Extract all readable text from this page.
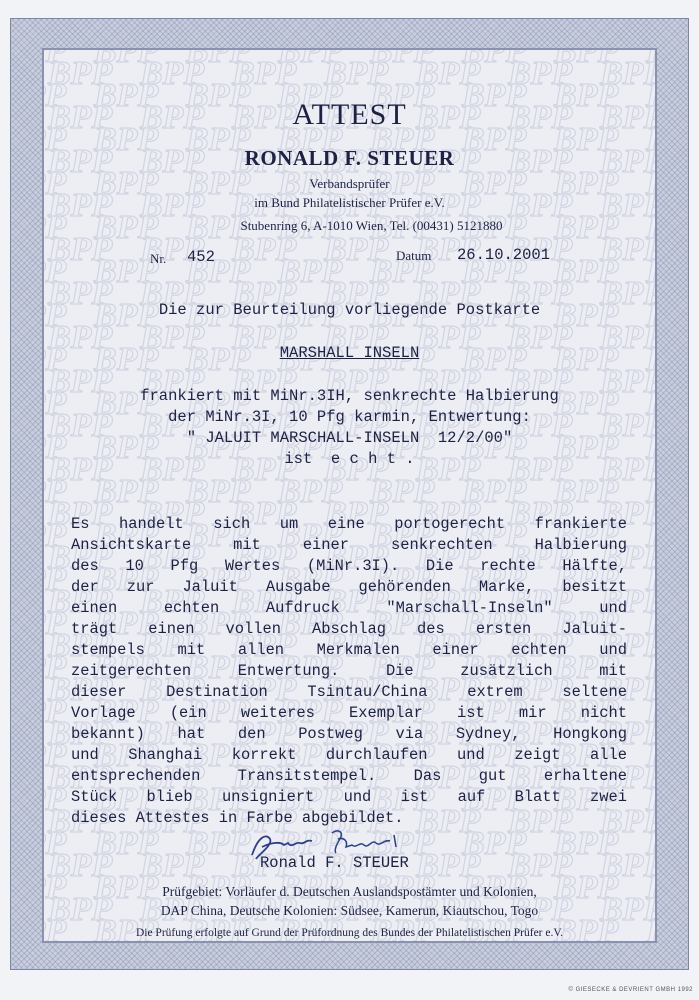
ATTEST
RONALD F. STEUER
Verbandsprüfer
im Bund Philatelistischer Prüfer e.V.
Stubenring 6, A-1010 Wien, Tel. (00431) 5121880
Nr. 452	Datum 26.10.2001
Die zur Beurteilung vorliegende Postkarte
MARSHALL INSELN
frankiert mit MiNr.3IH, senkrechte Halbierung
der MiNr.3I, 10 Pfg karmin, Entwertung:
" JALUIT MARSCHALL-INSELN  12/2/00"
ist  e c h t .
Es handelt sich um eine portogerecht frankierte
Ansichtskarte mit einer senkrechten Halbierung
des 10 Pfg Wertes (MiNr.3I). Die rechte Hälfte,
der zur Jaluit Ausgabe gehörenden Marke, besitzt
einen echten Aufdruck "Marschall-Inseln" und
trägt einen vollen Abschlag des ersten Jaluit-
stempels mit allen Merkmalen einer echten und
zeitgerechten Entwertung. Die zusätzlich mit
dieser Destination Tsintau/China extrem seltene
Vorlage (ein weiteres Exemplar ist mir nicht
bekannt) hat den Postweg via Sydney, Hongkong
und Shanghai korrekt durchlaufen und zeigt alle
entsprechenden Transitstempel. Das gut erhaltene
Stück blieb unsigniert und ist auf Blatt zwei
dieses Attestes in Farbe abgebildet.
Ronald F. STEUER
Prüfgebiet: Vorläufer d. Deutschen Auslandspostämter und Kolonien,
DAP China, Deutsche Kolonien: Südsee, Kamerun, Kiautschou, Togo
Die Prüfung erfolgte auf Grund der Prüfordnung des Bundes der Philatelistischen Prüfer e.V.
© GIESECKE & DEVRIENT GMBH 1992
